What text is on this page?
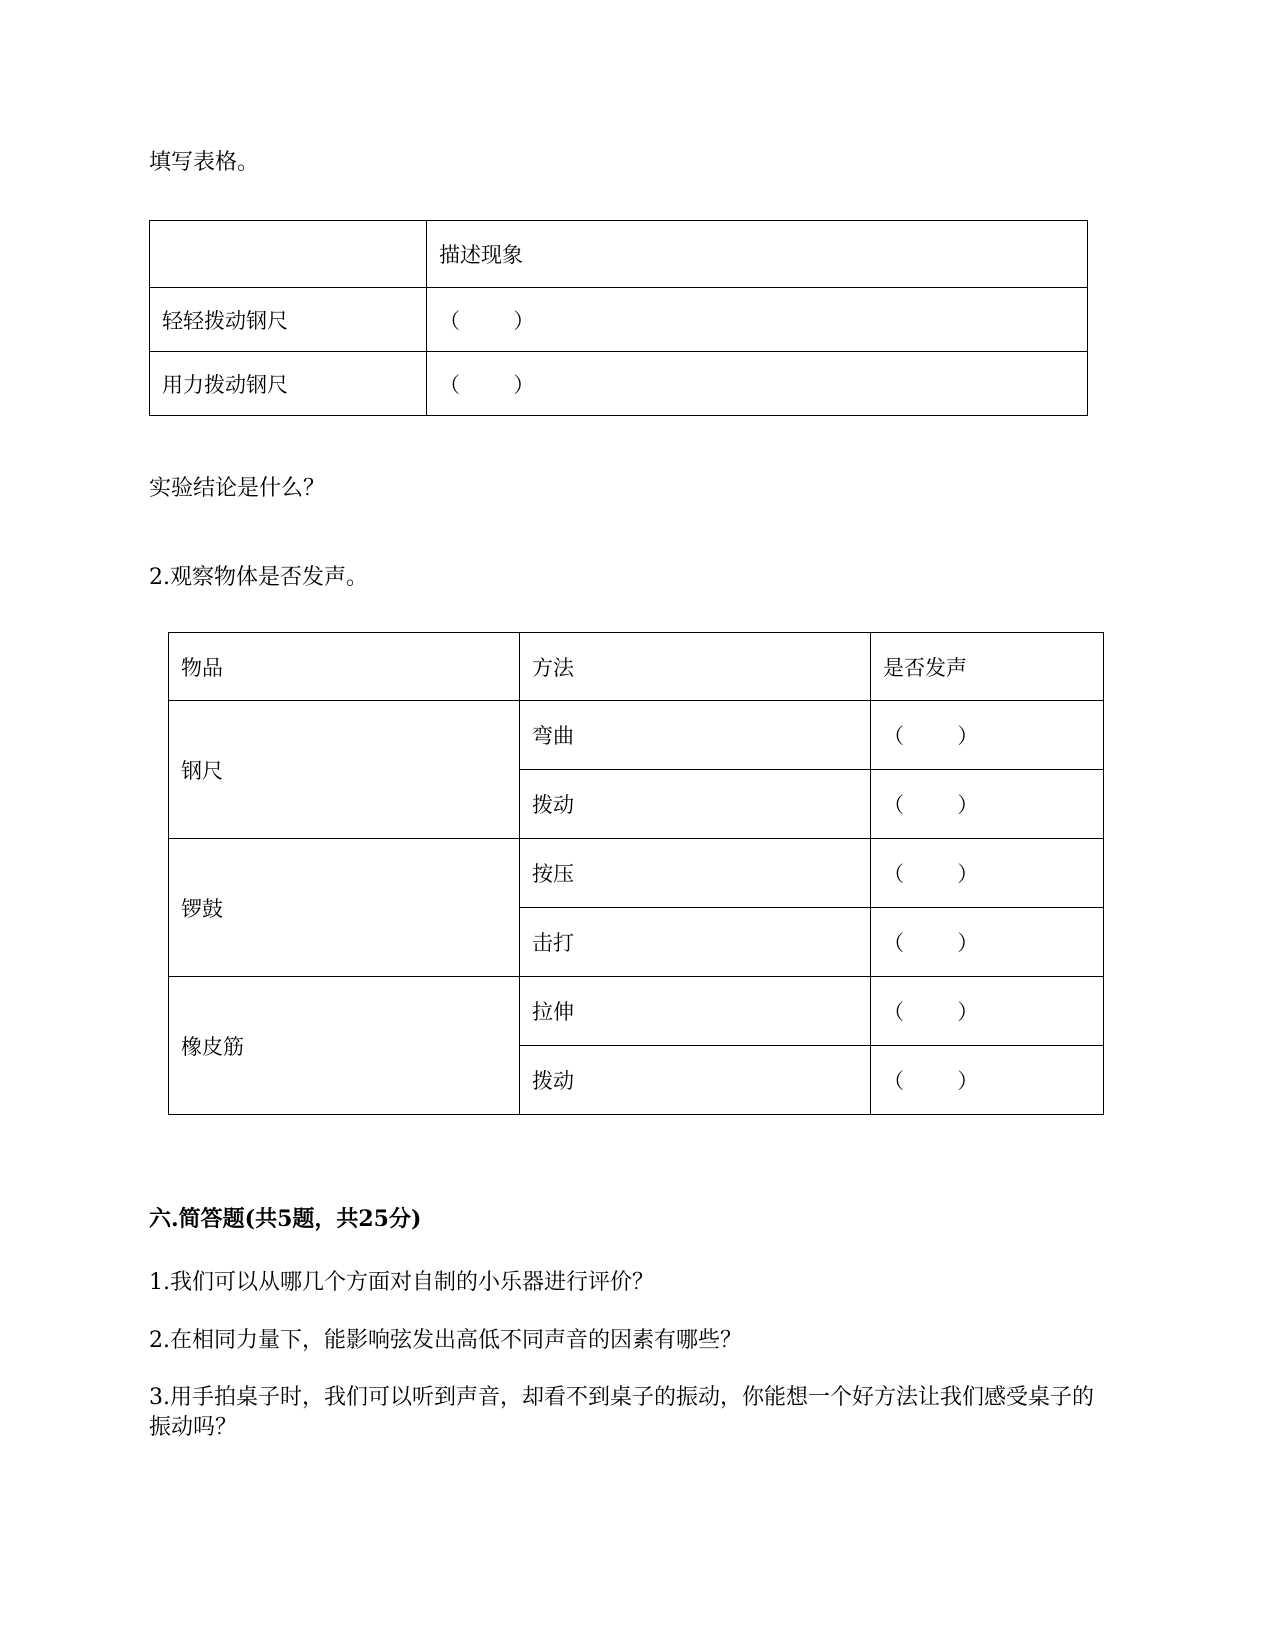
填写表格。

	描述现象
轻轻拨动钢尺	（        ）
用力拨动钢尺	（        ）

实验结论是什么？

2.观察物体是否发声。

物品	方法	是否发声
钢尺	弯曲	（        ）
	拨动	（        ）
锣鼓	按压	（        ）
	击打	（        ）
橡皮筋	拉伸	（        ）
	拨动	（        ）

六.简答题(共5题，共25分)

1.我们可以从哪几个方面对自制的小乐器进行评价？

2.在相同力量下，能影响弦发出高低不同声音的因素有哪些？

3.用手拍桌子时，我们可以听到声音，却看不到桌子的振动，你能想一个好方法让我们感受桌子的振动吗？
